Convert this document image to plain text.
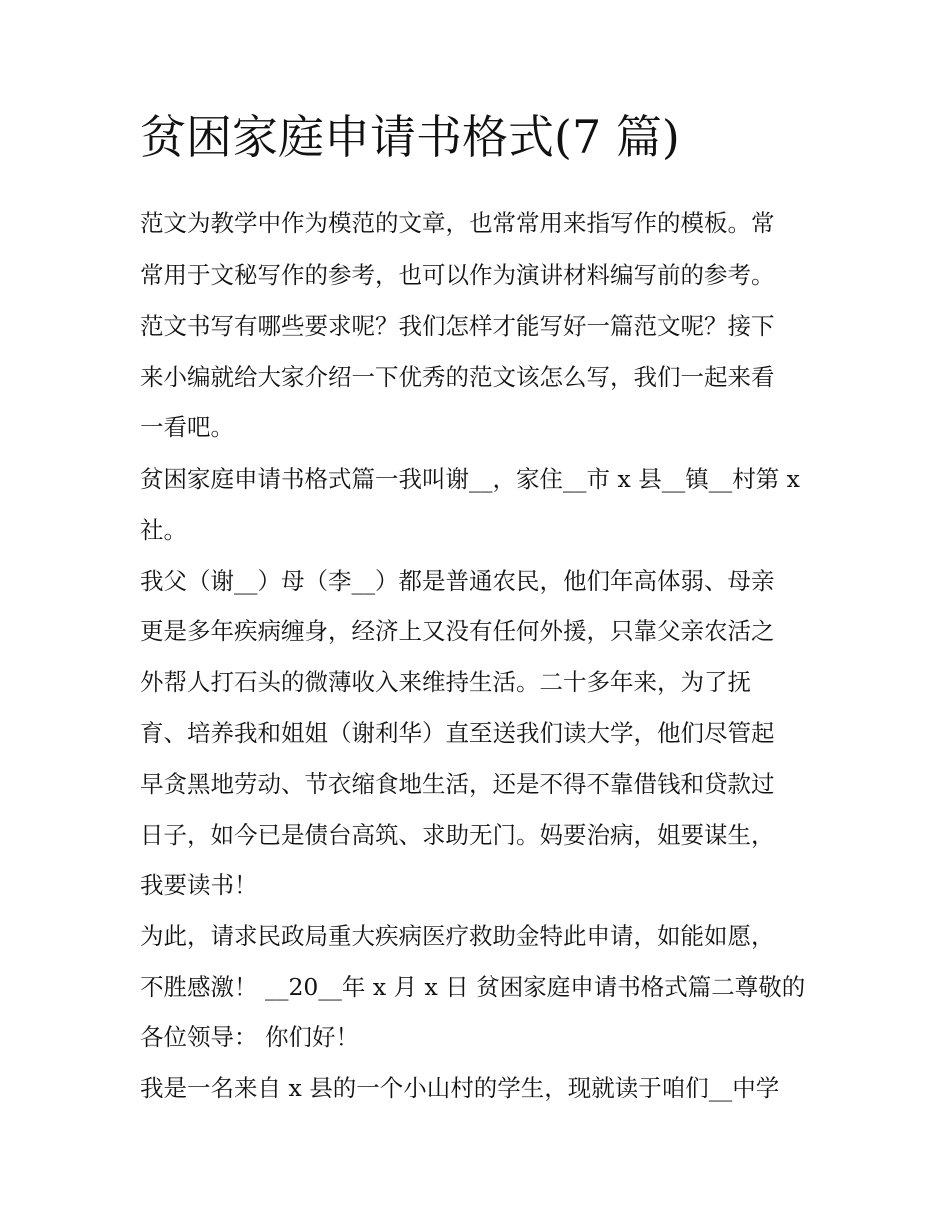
贫困家庭申请书格式(7 篇)

范文为教学中作为模范的文章，也常常用来指写作的模板。常

常用于文秘写作的参考，也可以作为演讲材料编写前的参考。

范文书写有哪些要求呢？我们怎样才能写好一篇范文呢？接下

来小编就给大家介绍一下优秀的范文该怎么写，我们一起来看

一看吧。

贫困家庭申请书格式篇一我叫谢__，家住__市 x 县__镇__村第 x

社。

我父（谢__）母（李__）都是普通农民，他们年高体弱、母亲

更是多年疾病缠身，经济上又没有任何外援，只靠父亲农活之

外帮人打石头的微薄收入来维持生活。二十多年来，为了抚

育、培养我和姐姐（谢利华）直至送我们读大学，他们尽管起

早贪黑地劳动、节衣缩食地生活，还是不得不靠借钱和贷款过

日子，如今已是债台高筑、求助无门。妈要治病，姐要谋生，

我要读书！

为此，请求民政局重大疾病医疗救助金特此申请，如能如愿，

不胜感激！ __20__年 x 月 x 日 贫困家庭申请书格式篇二尊敬的

各位领导： 你们好！

我是一名来自 x 县的一个小山村的学生，现就读于咱们__中学
